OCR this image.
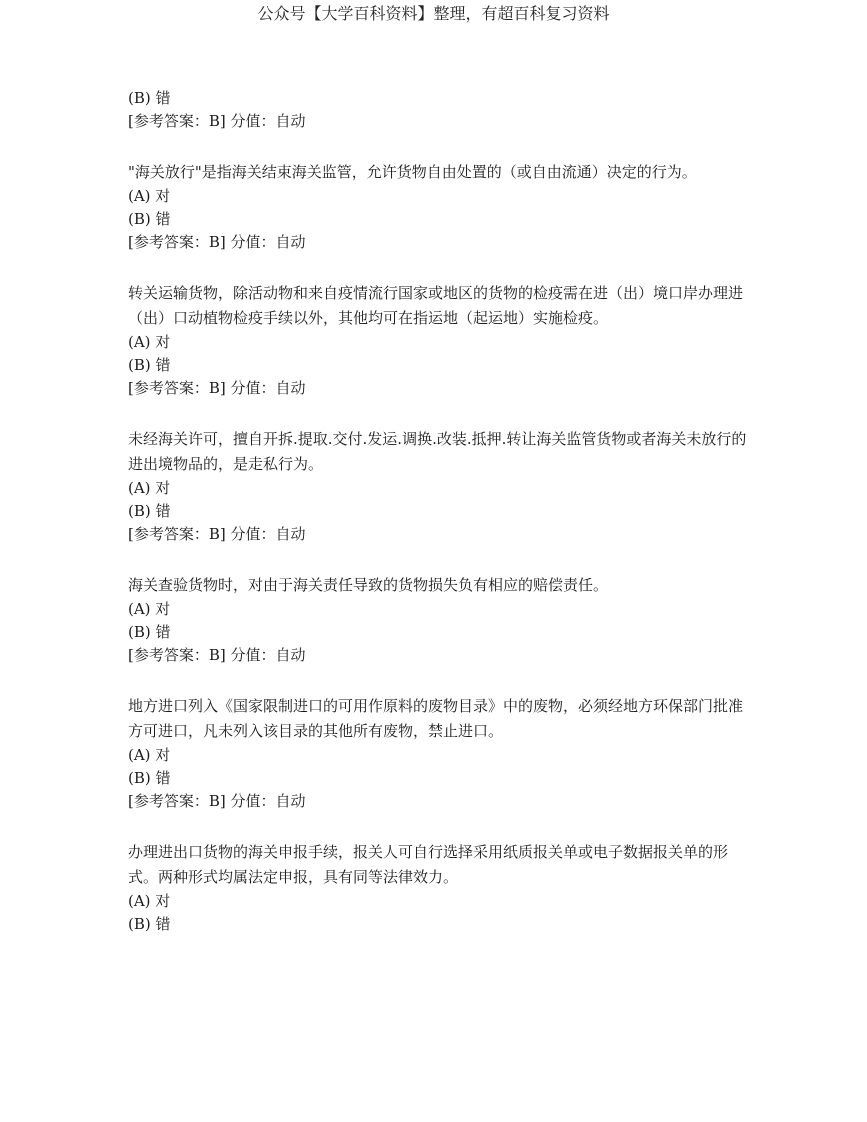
公众号【大学百科资料】整理，有超百科复习资料
(B) 错
[参考答案：B] 分值：自动

"海关放行"是指海关结束海关监管，允许货物自由处置的（或自由流通）决定的行为。

(A) 对
(B) 错
[参考答案：B] 分值：自动

转关运输货物，除活动物和来自疫情流行国家或地区的货物的检疫需在进（出）境口岸办理进（出）口动植物检疫手续以外，其他均可在指运地（起运地）实施检疫。

(A) 对
(B) 错
[参考答案：B] 分值：自动

未经海关许可，擅自开拆.提取.交付.发运.调换.改装.抵押.转让海关监管货物或者海关未放行的进出境物品的，是走私行为。

(A) 对
(B) 错
[参考答案：B] 分值：自动

海关查验货物时，对由于海关责任导致的货物损失负有相应的赔偿责任。

(A) 对
(B) 错
[参考答案：B] 分值：自动

地方进口列入《国家限制进口的可用作原料的废物目录》中的废物，必须经地方环保部门批准方可进口，凡未列入该目录的其他所有废物，禁止进口。

(A) 对
(B) 错
[参考答案：B] 分值：自动

办理进出口货物的海关申报手续，报关人可自行选择采用纸质报关单或电子数据报关单的形式。两种形式均属法定申报，具有同等法律效力。

(A) 对
(B) 错
